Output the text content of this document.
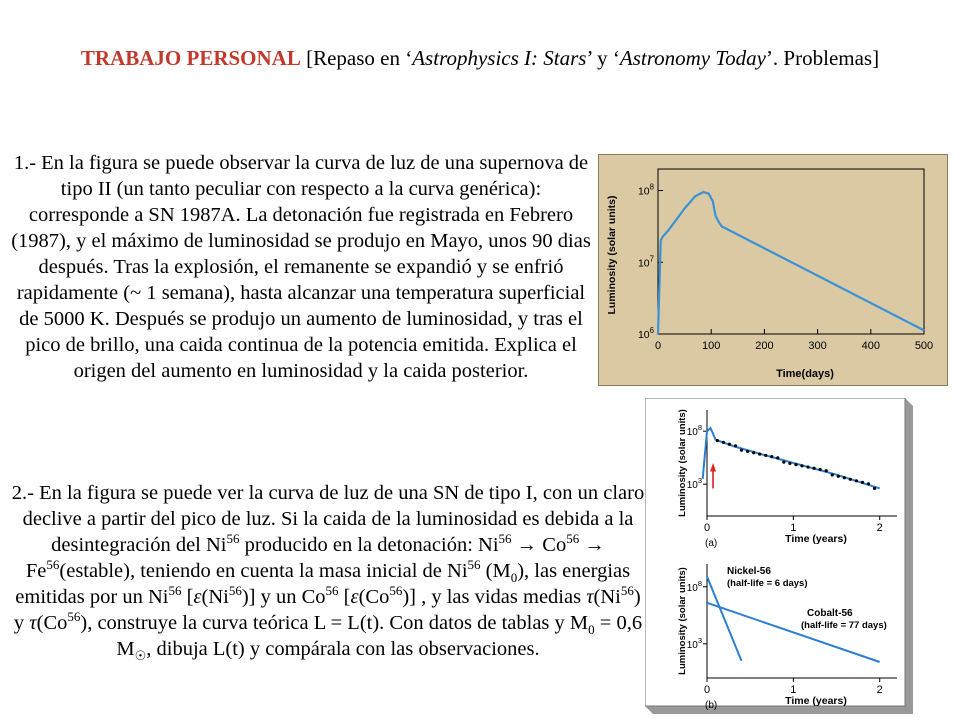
TRABAJO PERSONAL [Repaso en ‘Astrophysics I: Stars’ y ‘Astronomy Today’. Problemas]
1.- En la figura se puede observar la curva de luz de una supernova de tipo II (un tanto peculiar con respecto a la curva genérica): corresponde a SN 1987A. La detonación fue registrada en Febrero (1987), y el máximo de luminosidad se produjo en Mayo, unos 90 dias después. Tras la explosión, el remanente se expandió y se enfrió rapidamente (~ 1 semana), hasta alcanzar una temperatura superficial de 5000 K. Después se produjo un aumento de luminosidad, y tras el pico de brillo, una caida continua de la potencia emitida. Explica el origen del aumento en luminosidad y la caida posterior.
2.- En la figura se puede ver la curva de luz de una SN de tipo I, con un claro declive a partir del pico de luz. Si la caida de la luminosidad es debida a la desintegración del Ni$^{56}$ producido en la detonación: $Ni^{56} \to Co^{56}$ → $Fe^{56}(estable)$, teniendo en cuenta la masa inicial de Ni$^{56}$ $(M_0)$, las energias emitidas por un Ni$^{56}$ [ε(Ni$^{56}$)] y un Co$^{56}$ [ε(Co$^{56}$)] , y las vidas medias τ(Ni$^{56}$) y τ(Co$^{56}$), construye la curva teórica L = L(t). Con datos de tablas y $M_0 = 0,6$ $M_☉$, dibuja L(t) y compárala con las observaciones.
0	100	200	300	400	500
$10^6$
$10^7$
$10^8$
Luminosity (solar units)
Time(days)
0	1	2
$10^3$
$10^8$
Luminosity (solar units)
Time (years)
(a)
0	1	2
$10^3$
$10^8$
Luminosity (solar units)
Time (years)
(b)
Nickel-56
(half-life = 6 days)
Cobalt-56
(half-life = 77 days)
